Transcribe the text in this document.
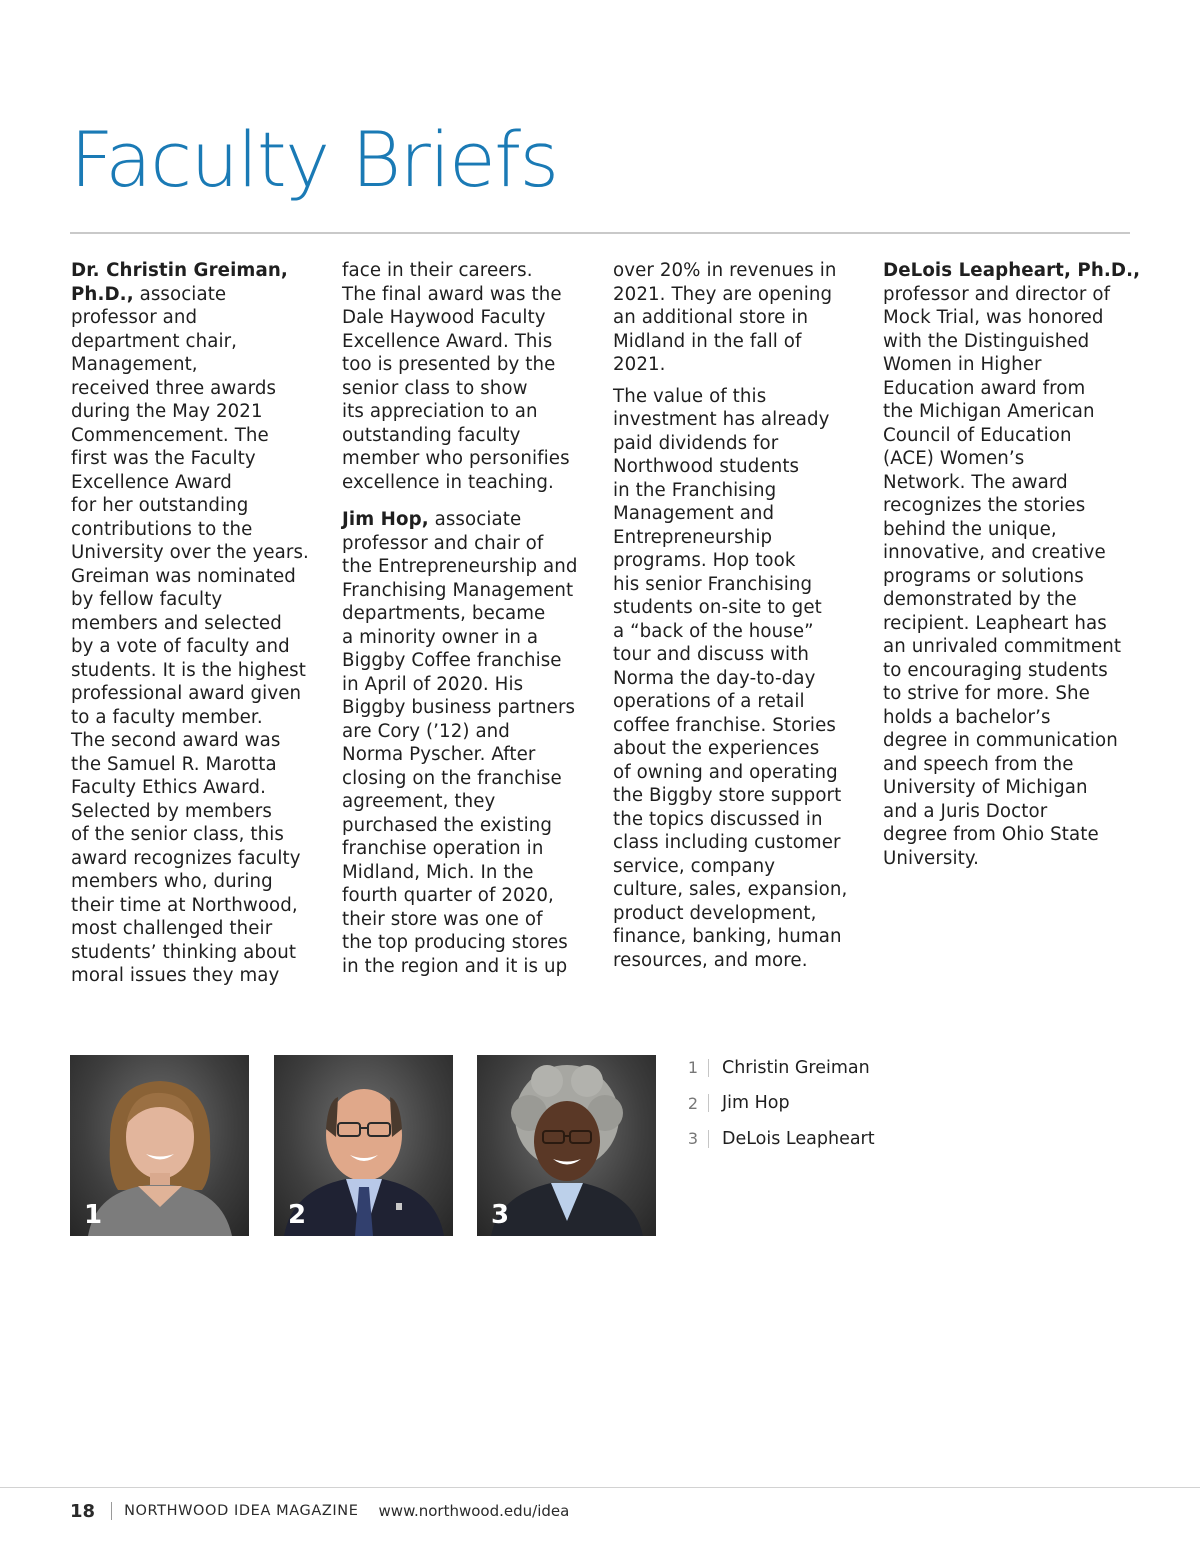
Faculty Briefs
Dr. Christin Greiman,
Ph.D., associate
professor and
department chair,
Management,
received three awards
during the May 2021
Commencement. The
first was the Faculty
Excellence Award
for her outstanding
contributions to the
University over the years.
Greiman was nominated
by fellow faculty
members and selected
by a vote of faculty and
students. It is the highest
professional award given
to a faculty member.
The second award was
the Samuel R. Marotta
Faculty Ethics Award.
Selected by members
of the senior class, this
award recognizes faculty
members who, during
their time at Northwood,
most challenged their
students’ thinking about
moral issues they may
face in their careers.
The final award was the
Dale Haywood Faculty
Excellence Award. This
too is presented by the
senior class to show
its appreciation to an
outstanding faculty
member who personifies
excellence in teaching.
Jim Hop, associate
professor and chair of
the Entrepreneurship and
Franchising Management
departments, became
a minority owner in a
Biggby Coffee franchise
in April of 2020. His
Biggby business partners
are Cory (’12) and
Norma Pyscher. After
closing on the franchise
agreement, they
purchased the existing
franchise operation in
Midland, Mich. In the
fourth quarter of 2020,
their store was one of
the top producing stores
in the region and it is up
over 20% in revenues in
2021. They are opening
an additional store in
Midland in the fall of
2021.
The value of this
investment has already
paid dividends for
Northwood students
in the Franchising
Management and
Entrepreneurship
programs. Hop took
his senior Franchising
students on-site to get
a “back of the house”
tour and discuss with
Norma the day-to-day
operations of a retail
coffee franchise. Stories
about the experiences
of owning and operating
the Biggby store support
the topics discussed in
class including customer
service, company
culture, sales, expansion,
product development,
finance, banking, human
resources, and more.
DeLois Leapheart, Ph.D.,
professor and director of
Mock Trial, was honored
with the Distinguished
Women in Higher
Education award from
the Michigan American
Council of Education
(ACE) Women’s
Network. The award
recognizes the stories
behind the unique,
innovative, and creative
programs or solutions
demonstrated by the
recipient. Leapheart has
an unrivaled commitment
to encouraging students
to strive for more. She
holds a bachelor’s
degree in communication
and speech from the
University of Michigan
and a Juris Doctor
degree from Ohio State
University.
1	2	3
1 Christin Greiman
2 Jim Hop
3 DeLois Leapheart
18 NORTHWOOD IDEA MAGAZINE www.northwood.edu/idea
